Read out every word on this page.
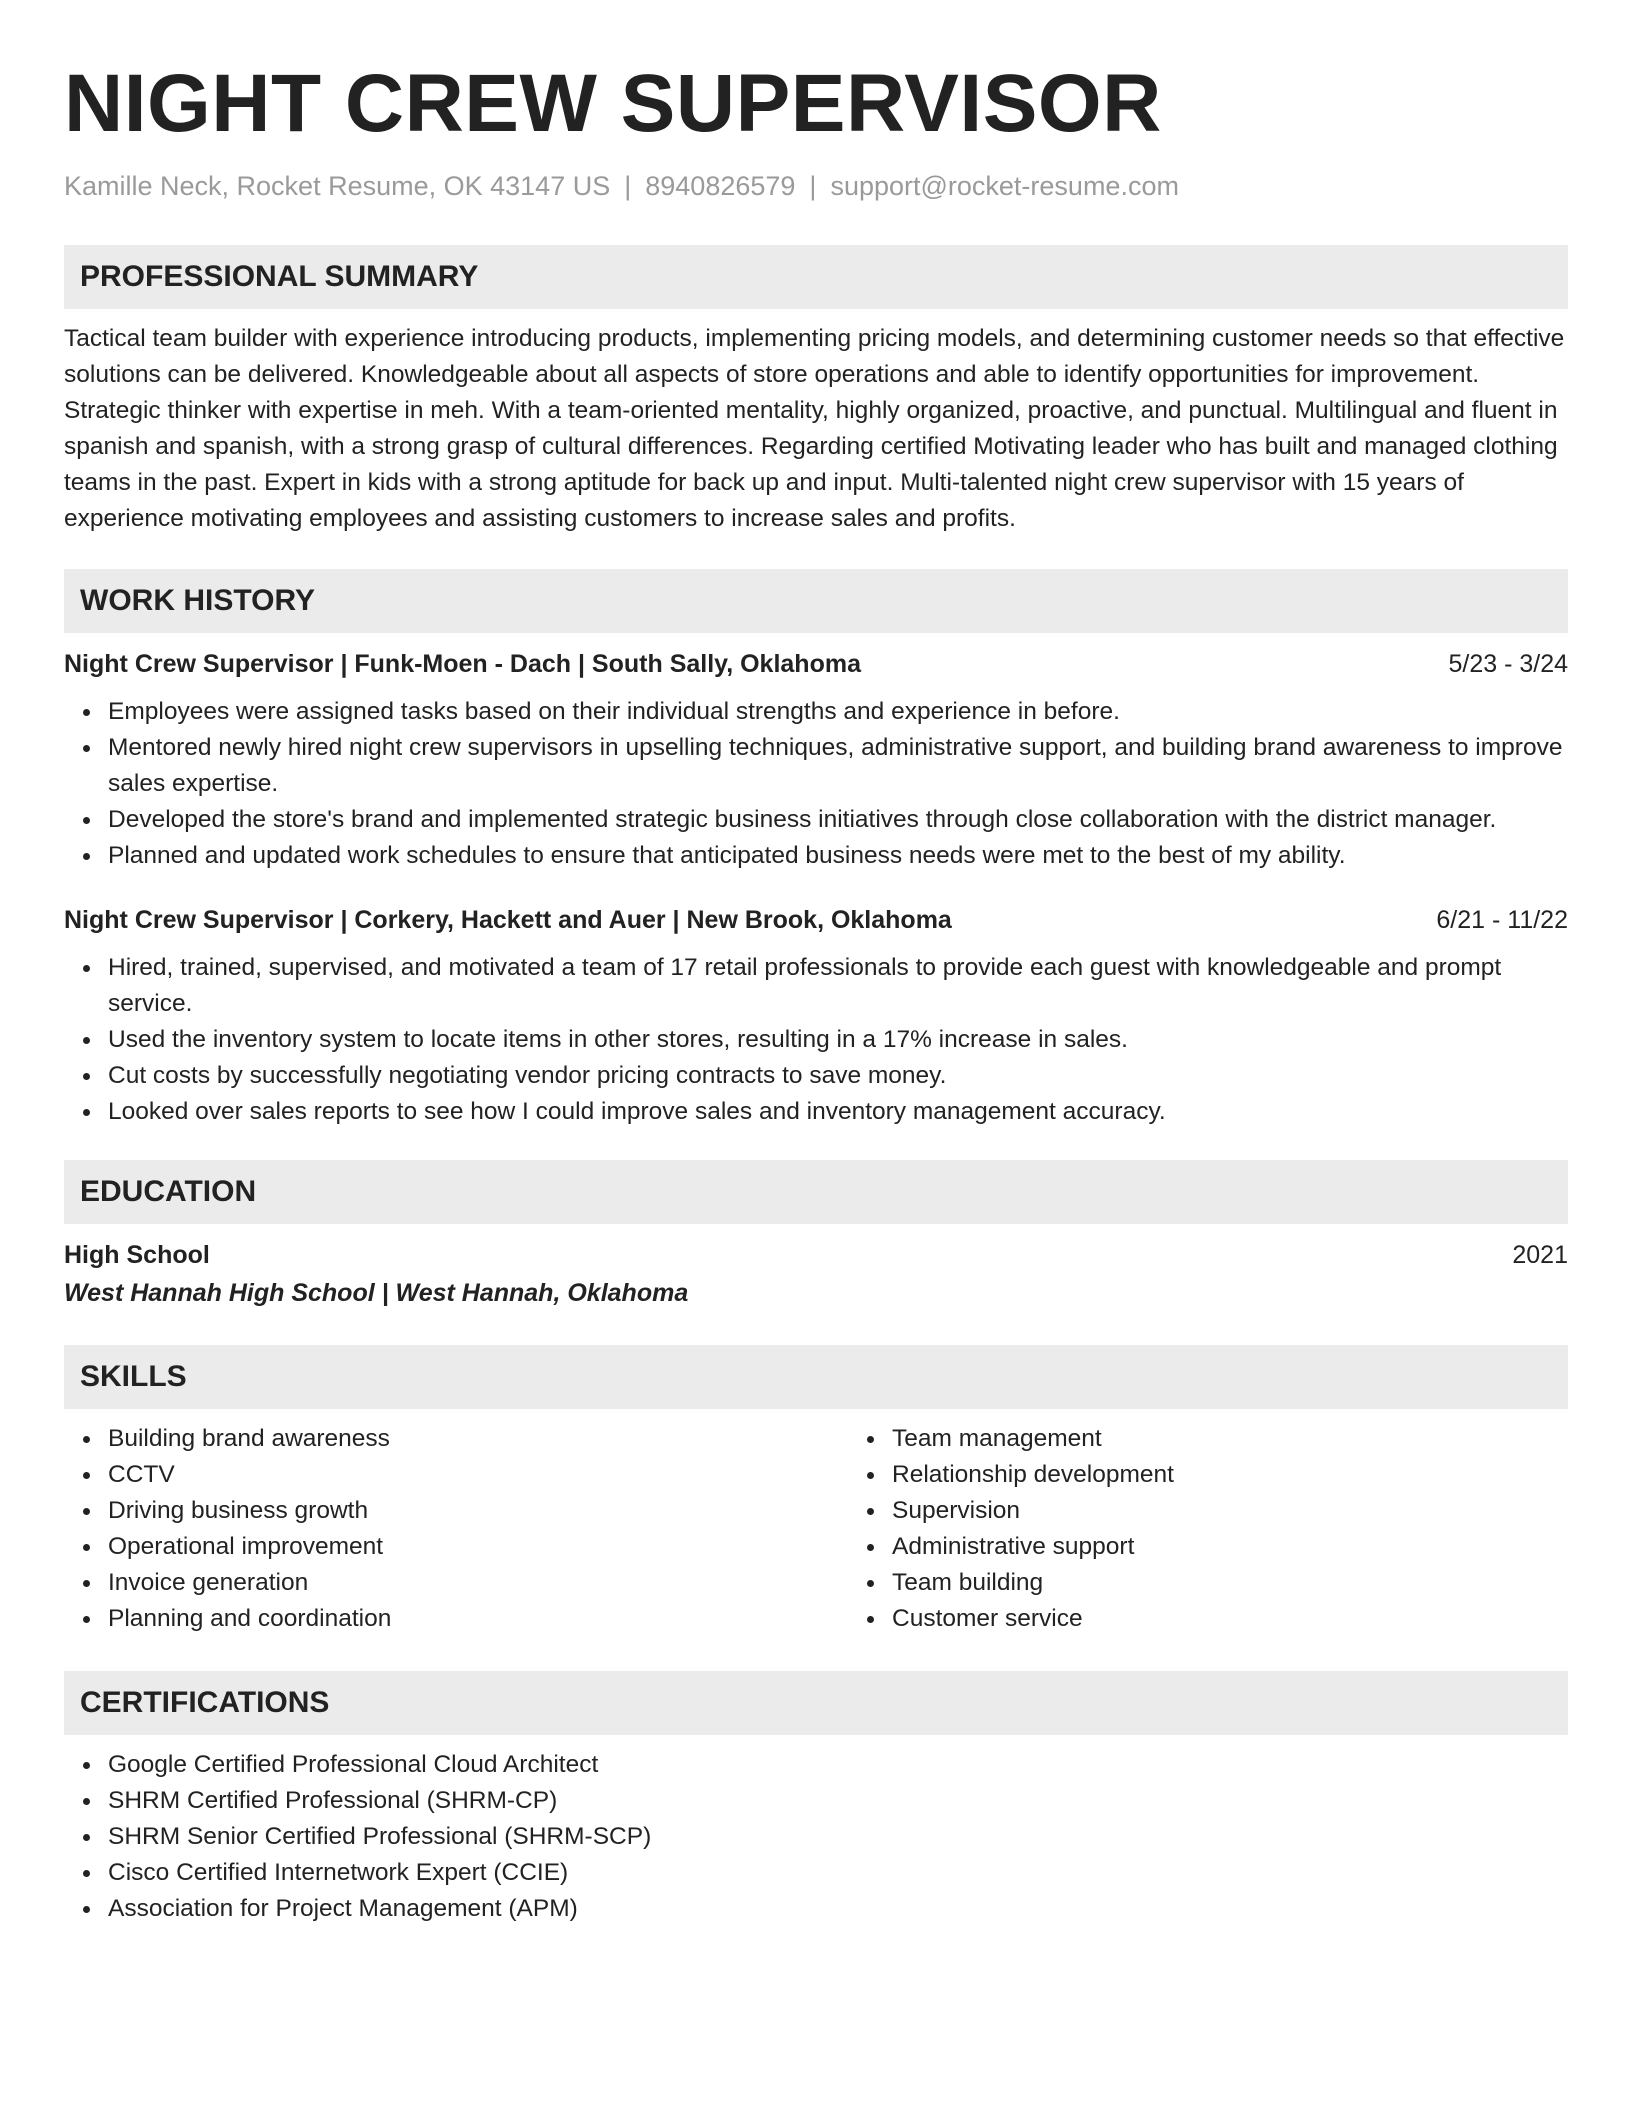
NIGHT CREW SUPERVISOR
Kamille Neck, Rocket Resume, OK 43147 US | 8940826579 | support@rocket-resume.com
PROFESSIONAL SUMMARY

Tactical team builder with experience introducing products, implementing pricing models, and determining customer needs so that effective solutions can be delivered. Knowledgeable about all aspects of store operations and able to identify opportunities for improvement. Strategic thinker with expertise in meh. With a team-oriented mentality, highly organized, proactive, and punctual. Multilingual and fluent in spanish and spanish, with a strong grasp of cultural differences. Regarding certified Motivating leader who has built and managed clothing teams in the past. Expert in kids with a strong aptitude for back up and input. Multi-talented night crew supervisor with 15 years of experience motivating employees and assisting customers to increase sales and profits.

WORK HISTORY
Night Crew Supervisor | Funk-Moen - Dach | South Sally, Oklahoma	5/23 - 3/24
Employees were assigned tasks based on their individual strengths and experience in before.
Mentored newly hired night crew supervisors in upselling techniques, administrative support, and building brand awareness to improve sales expertise.
Developed the store's brand and implemented strategic business initiatives through close collaboration with the district manager.
Planned and updated work schedules to ensure that anticipated business needs were met to the best of my ability.
Night Crew Supervisor | Corkery, Hackett and Auer | New Brook, Oklahoma	6/21 - 11/22
Hired, trained, supervised, and motivated a team of 17 retail professionals to provide each guest with knowledgeable and prompt service.
Used the inventory system to locate items in other stores, resulting in a 17% increase in sales.
Cut costs by successfully negotiating vendor pricing contracts to save money.
Looked over sales reports to see how I could improve sales and inventory management accuracy.
EDUCATION
High School	2021
West Hannah High School | West Hannah, Oklahoma
SKILLS
Building brand awareness
CCTV
Driving business growth
Operational improvement
Invoice generation
Planning and coordination
Team management
Relationship development
Supervision
Administrative support
Team building
Customer service
CERTIFICATIONS
Google Certified Professional Cloud Architect
SHRM Certified Professional (SHRM-CP)
SHRM Senior Certified Professional (SHRM-SCP)
Cisco Certified Internetwork Expert (CCIE)
Association for Project Management (APM)
